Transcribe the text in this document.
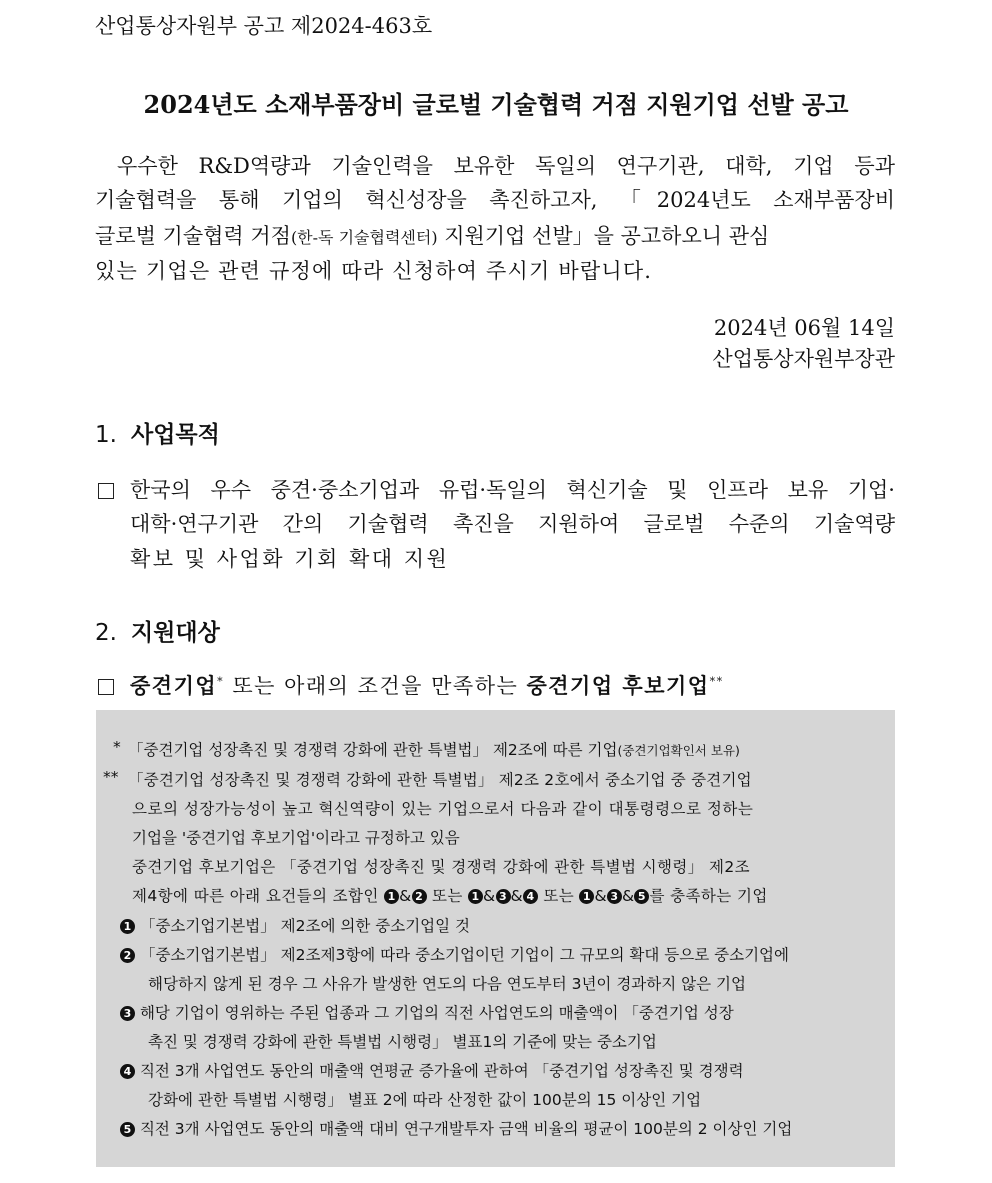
산업통상자원부 공고 제2024-463호
2024년도 소재부품장비 글로벌 기술협력 거점 지원기업 선발 공고
우수한 R&D역량과 기술인력을 보유한 독일의 연구기관, 대학, 기업 등과
기술협력을 통해 기업의 혁신성장을 촉진하고자, 「2024년도 소재부품장비
글로벌 기술협력 거점(한-독 기술협력센터) 지원기업 선발」을 공고하오니 관심
있는 기업은 관련 규정에 따라 신청하여 주시기 바랍니다.
2024년 06월 14일
산업통상자원부장관
1. 사업목적
한국의 우수 중견·중소기업과 유럽·독일의 혁신기술 및 인프라 보유 기업·
대학·연구기관 간의 기술협력 촉진을 지원하여 글로벌 수준의 기술역량
확보 및 사업화 기회 확대 지원
2. 지원대상
중견기업* 또는 아래의 조건을 만족하는 중견기업 후보기업**
* 「중견기업 성장촉진 및 경쟁력 강화에 관한 특별법」 제2조에 따른 기업(중견기업확인서 보유)
** 「중견기업 성장촉진 및 경쟁력 강화에 관한 특별법」 제2조 2호에서 중소기업 중 중견기업
으로의 성장가능성이 높고 혁신역량이 있는 기업으로서 다음과 같이 대통령령으로 정하는
기업을 '중견기업 후보기업'이라고 규정하고 있음
중견기업 후보기업은 「중견기업 성장촉진 및 경쟁력 강화에 관한 특별법 시행령」 제2조
제4항에 따른 아래 요건들의 조합인 1 & 2 또는 1 & 3 & 4 또는 1 & 3 & 5 를 충족하는 기업
1 「중소기업기본법」 제2조에 의한 중소기업일 것
2 「중소기업기본법」 제2조제3항에 따라 중소기업이던 기업이 그 규모의 확대 등으로 중소기업에
해당하지 않게 된 경우 그 사유가 발생한 연도의 다음 연도부터 3년이 경과하지 않은 기업
3 해당 기업이 영위하는 주된 업종과 그 기업의 직전 사업연도의 매출액이 「중견기업 성장
촉진 및 경쟁력 강화에 관한 특별법 시행령」 별표1의 기준에 맞는 중소기업
4 직전 3개 사업연도 동안의 매출액 연평균 증가율에 관하여 「중견기업 성장촉진 및 경쟁력
강화에 관한 특별법 시행령」 별표 2에 따라 산정한 값이 100분의 15 이상인 기업
5 직전 3개 사업연도 동안의 매출액 대비 연구개발투자 금액 비율의 평균이 100분의 2 이상인 기업
